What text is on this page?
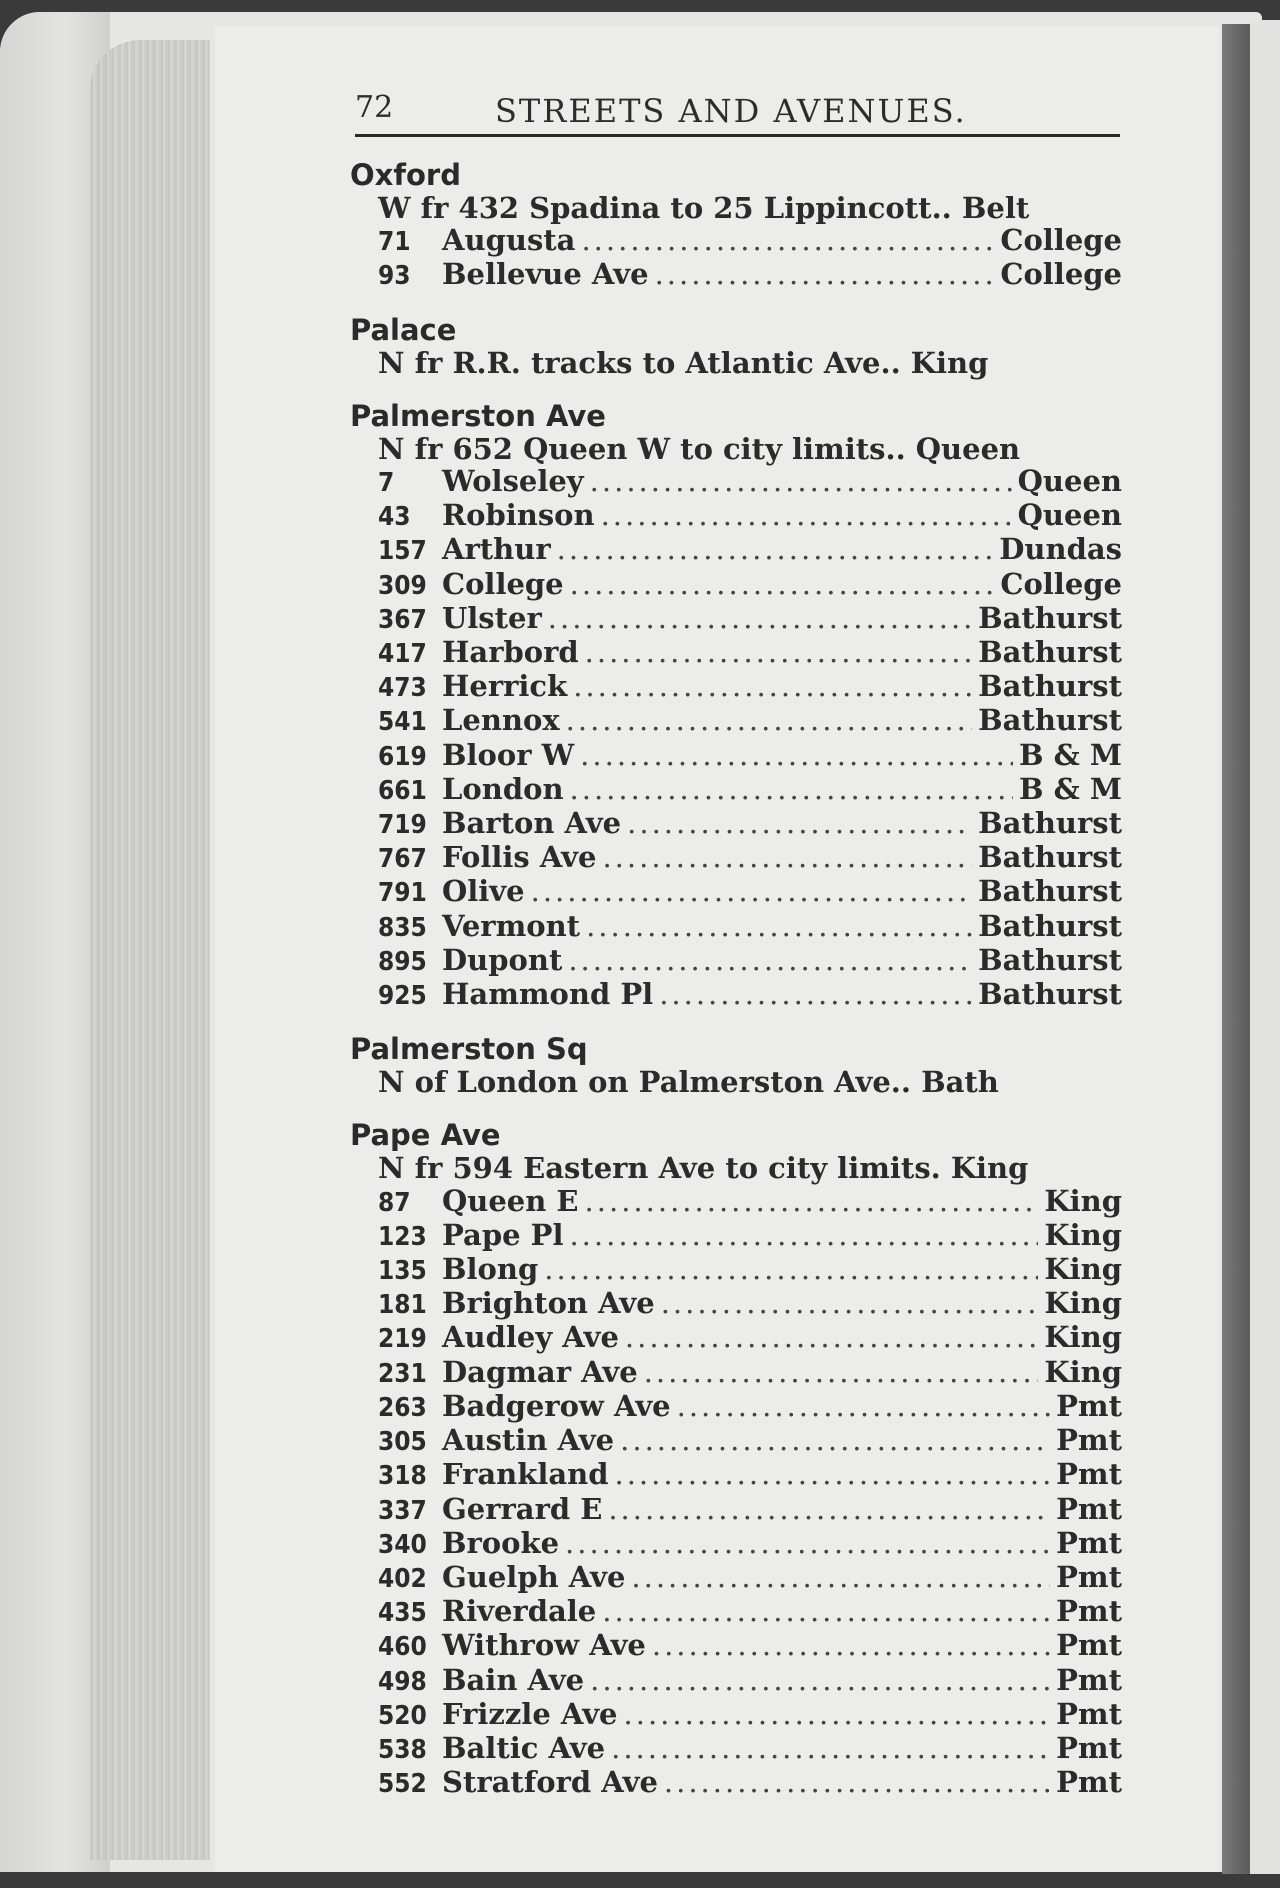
72	STREETS AND AVENUES.
Oxford
W fr 432 Spadina to 25 Lippincott.. Belt
71	Augusta .....	College
93	Bellevue Ave .....	College
Palace
N fr R.R. tracks to Atlantic Ave.. King
Palmerston Ave
N fr 652 Queen W to city limits.. Queen
7	Wolseley .....	Queen
43	Robinson .....	Queen
157 Arthur .....	Dundas
309 College .....	College
367 Ulster .....	Bathurst
417 Harbord .....	Bathurst
473 Herrick .....	Bathurst
541 Lennox .....	Bathurst
619 Bloor W .....	B & M
661 London .....	B & M
719 Barton Ave .....	Bathurst
767 Follis Ave .....	Bathurst
791 Olive .....	Bathurst
835 Vermont .....	Bathurst
895 Dupont .....	Bathurst
925 Hammond Pl .....	Bathurst
Palmerston Sq
N of London on Palmerston Ave.. Bath
Pape Ave
N fr 594 Eastern Ave to city limits. King
87	Queen E .....	King
123 Pape Pl .....	King
135 Blong .....	King
181 Brighton Ave .....	King
219 Audley Ave .....	King
231 Dagmar Ave .....	King
263 Badgerow Ave .....	Pmt
305 Austin Ave .....	Pmt
318 Frankland .....	Pmt
337 Gerrard E .....	Pmt
340 Brooke .....	Pmt
402 Guelph Ave .....	Pmt
435 Riverdale .....	Pmt
460 Withrow Ave .....	Pmt
498 Bain Ave .....	Pmt
520 Frizzle Ave .....	Pmt
538 Baltic Ave .....	Pmt
552 Stratford Ave .....	Pmt
